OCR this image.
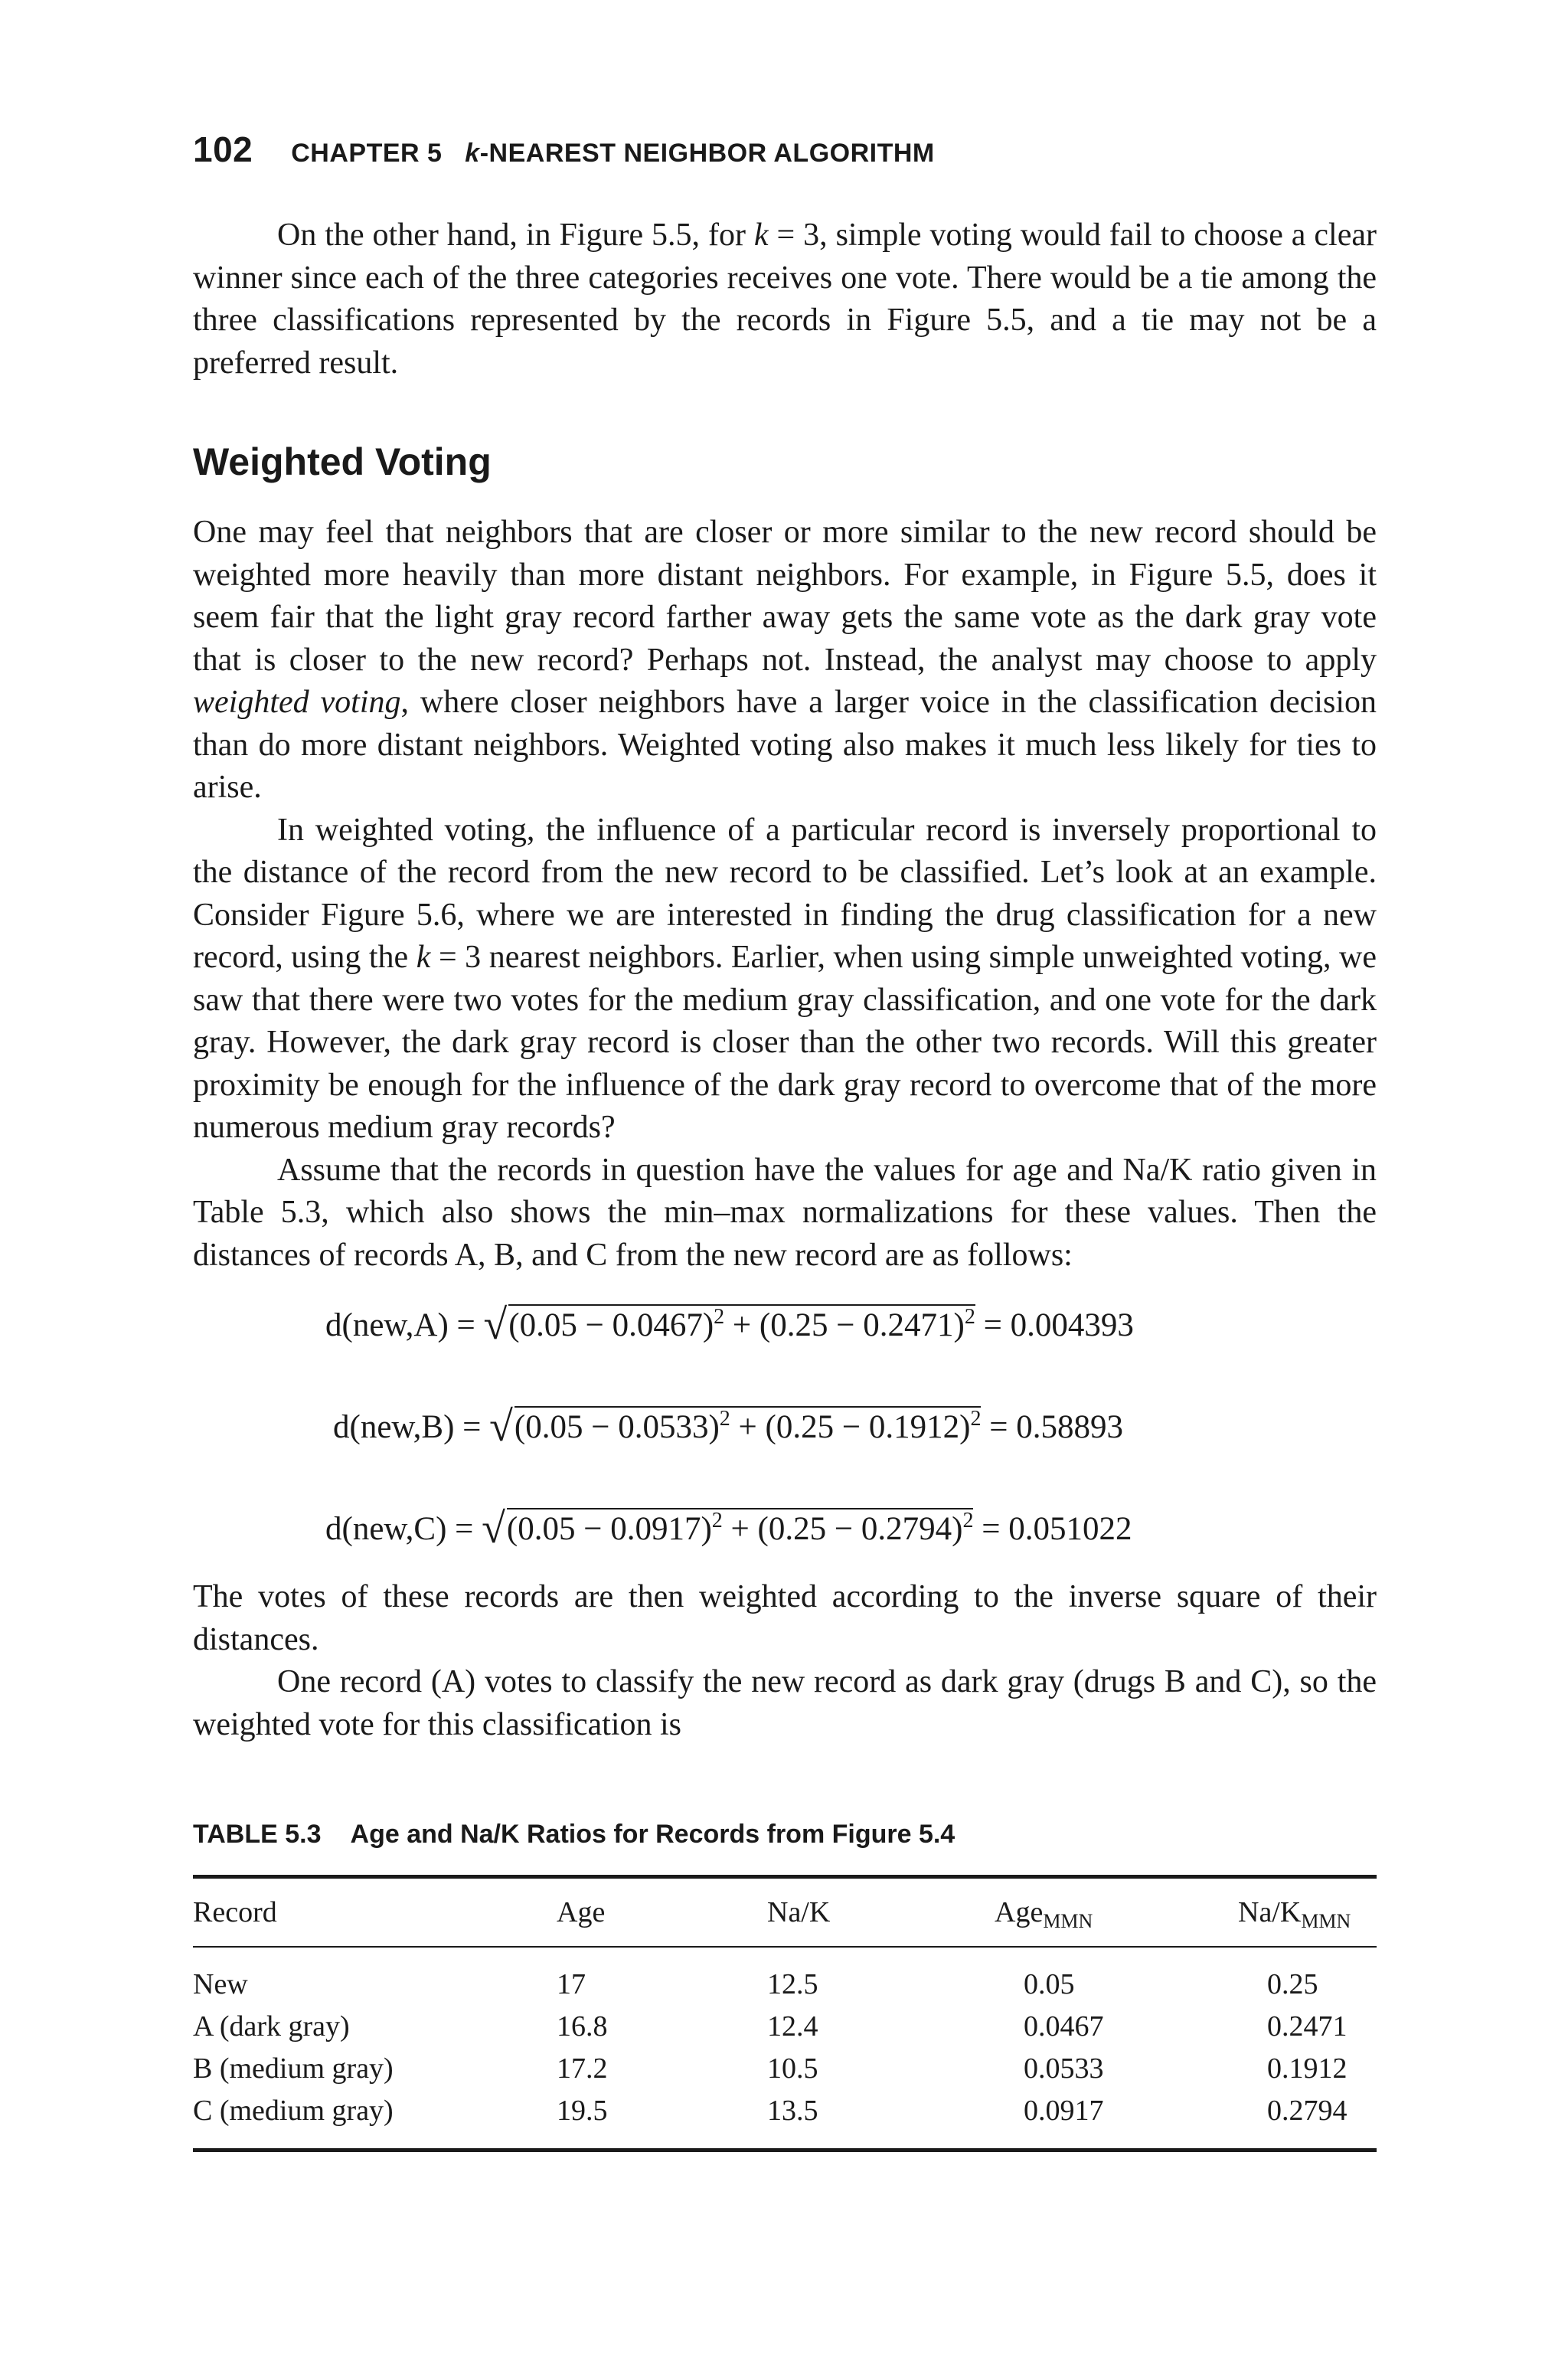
102 CHAPTER 5 k-NEAREST NEIGHBOR ALGORITHM

On the other hand, in Figure 5.5, for k = 3, simple voting would fail to choose a clear winner since each of the three categories receives one vote. There would be a tie among the three classifications represented by the records in Figure 5.5, and a tie may not be a preferred result.

Weighted Voting

One may feel that neighbors that are closer or more similar to the new record should be weighted more heavily than more distant neighbors. For example, in Figure 5.5, does it seem fair that the light gray record farther away gets the same vote as the dark gray vote that is closer to the new record? Perhaps not. Instead, the analyst may choose to apply weighted voting, where closer neighbors have a larger voice in the classification decision than do more distant neighbors. Weighted voting also makes it much less likely for ties to arise.

In weighted voting, the influence of a particular record is inversely proportional to the distance of the record from the new record to be classified. Let’s look at an example. Consider Figure 5.6, where we are interested in finding the drug classification for a new record, using the k = 3 nearest neighbors. Earlier, when using simple unweighted voting, we saw that there were two votes for the medium gray classification, and one vote for the dark gray. However, the dark gray record is closer than the other two records. Will this greater proximity be enough for the influence of the dark gray record to overcome that of the more numerous medium gray records?

Assume that the records in question have the values for age and Na/K ratio given in Table 5.3, which also shows the min–max normalizations for these values. Then the distances of records A, B, and C from the new record are as follows:

$d(new,A) = √(0.05 - 0.0467)^2 + (0.25 - 0.2471)^2 = 0.004393$
$d(new,B) = √(0.05 - 0.0533)^2 + (0.25 - 0.1912)^2 = 0.58893$
$d(new,C) = √(0.05 - 0.0917)^2 + (0.25 - 0.2794)^2 = 0.051022$

The votes of these records are then weighted according to the inverse square of their distances.

One record (A) votes to classify the new record as dark gray (drugs B and C), so the weighted vote for this classification is

TABLE 5.3 Age and Na/K Ratios for Records from Figure 5.4
Record	Age	Na/K	Age$_{MMN}$	$Na/K_{MMN}$
New	17	12.5	0.05	0.25
A (dark gray)	16.8	12.4	0.0467	0.2471
B (medium gray)	17.2	10.5	0.0533	0.1912
C (medium gray)	19.5	13.5	0.0917	0.2794
